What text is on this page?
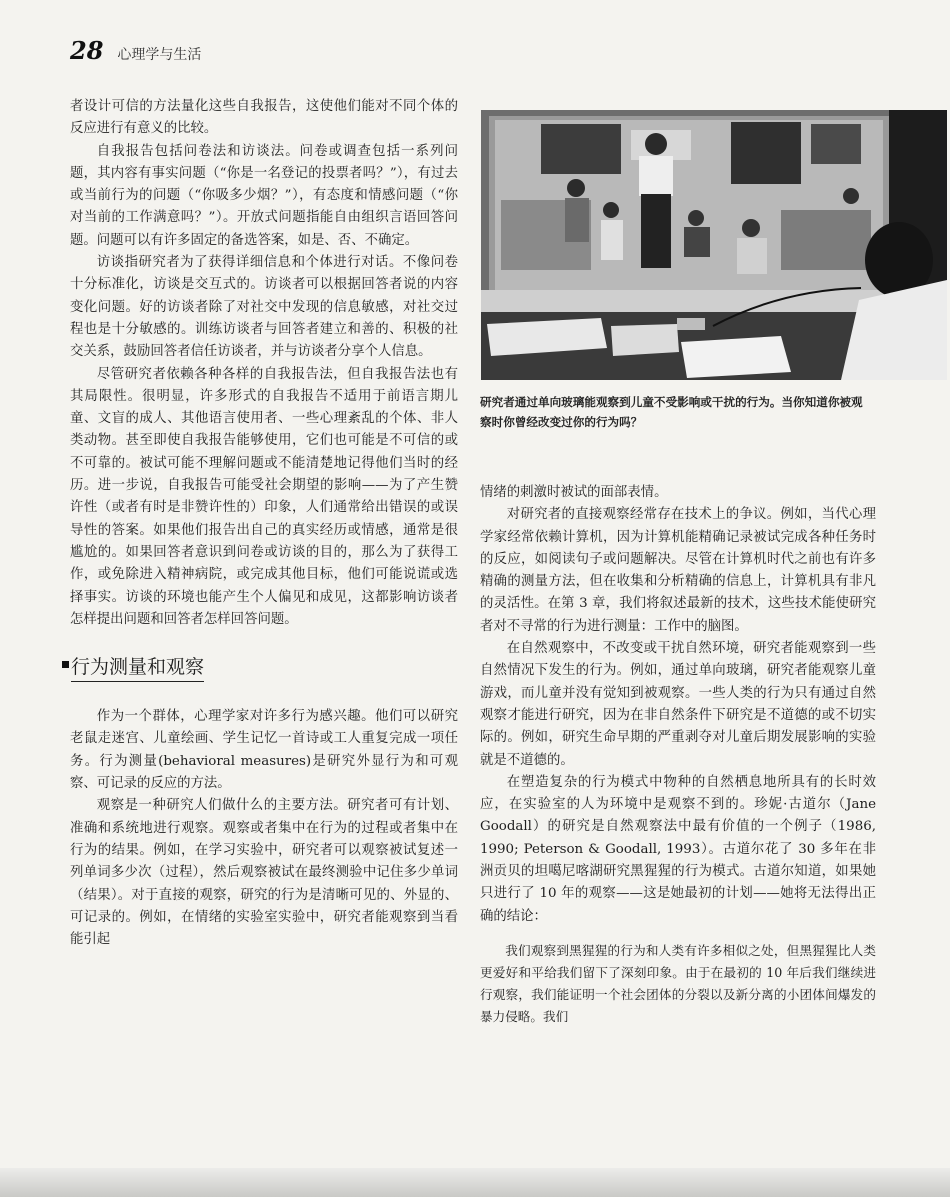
28 心理学与生活

者设计可信的方法量化这些自我报告，这使他们能对不同个体的反应进行有意义的比较。

自我报告包括问卷法和访谈法。问卷或调查包括一系列问题，其内容有事实问题（“你是一名登记的投票者吗？”），有过去或当前行为的问题（“你吸多少烟？”），有态度和情感问题（“你对当前的工作满意吗？”）。开放式问题指能自由组织言语回答问题。问题可以有许多固定的备选答案，如是、否、不确定。

访谈指研究者为了获得详细信息和个体进行对话。不像问卷十分标准化，访谈是交互式的。访谈者可以根据回答者说的内容变化问题。好的访谈者除了对社交中发现的信息敏感，对社交过程也是十分敏感的。训练访谈者与回答者建立和善的、积极的社交关系，鼓励回答者信任访谈者，并与访谈者分享个人信息。

尽管研究者依赖各种各样的自我报告法，但自我报告法也有其局限性。很明显，许多形式的自我报告不适用于前语言期儿童、文盲的成人、其他语言使用者、一些心理紊乱的个体、非人类动物。甚至即使自我报告能够使用，它们也可能是不可信的或不可靠的。被试可能不理解问题或不能清楚地记得他们当时的经历。进一步说，自我报告可能受社会期望的影响——为了产生赞许性（或者有时是非赞许性的）印象，人们通常给出错误的或误导性的答案。如果他们报告出自己的真实经历或情感，通常是很尴尬的。如果回答者意识到问卷或访谈的目的，那么为了获得工作，或免除进入精神病院，或完成其他目标，他们可能说谎或选择事实。访谈的环境也能产生个人偏见和成见，这都影响访谈者怎样提出问题和回答者怎样回答问题。

行为测量和观察

作为一个群体，心理学家对许多行为感兴趣。他们可以研究老鼠走迷宫、儿童绘画、学生记忆一首诗或工人重复完成一项任务。行为测量(behavioral measures)是研究外显行为和可观察、可记录的反应的方法。

观察是一种研究人们做什么的主要方法。研究者可有计划、准确和系统地进行观察。观察或者集中在行为的过程或者集中在行为的结果。例如，在学习实验中，研究者可以观察被试复述一列单词多少次（过程），然后观察被试在最终测验中记住多少单词（结果）。对于直接的观察，研究的行为是清晰可见的、外显的、可记录的。例如，在情绪的实验室实验中，研究者能观察到当看能引起

研究者通过单向玻璃能观察到儿童不受影响或干扰的行为。当你知道你被观察时你曾经改变过你的行为吗？

情绪的刺激时被试的面部表情。

对研究者的直接观察经常存在技术上的争议。例如，当代心理学家经常依赖计算机，因为计算机能精确记录被试完成各种任务时的反应，如阅读句子或问题解决。尽管在计算机时代之前也有许多精确的测量方法，但在收集和分析精确的信息上，计算机具有非凡的灵活性。在第 3 章，我们将叙述最新的技术，这些技术能使研究者对不寻常的行为进行测量：工作中的脑图。

在自然观察中，不改变或干扰自然环境，研究者能观察到一些自然情况下发生的行为。例如，通过单向玻璃，研究者能观察儿童游戏，而儿童并没有觉知到被观察。一些人类的行为只有通过自然观察才能进行研究，因为在非自然条件下研究是不道德的或不切实际的。例如，研究生命早期的严重剥夺对儿童后期发展影响的实验就是不道德的。

在塑造复杂的行为模式中物种的自然栖息地所具有的长时效应，在实验室的人为环境中是观察不到的。珍妮·古道尔（Jane Goodall）的研究是自然观察法中最有价值的一个例子（1986, 1990; Peterson & Goodall, 1993）。古道尔花了 30 多年在非洲贡贝的坦噶尼喀湖研究黑猩猩的行为模式。古道尔知道，如果她只进行了 10 年的观察——这是她最初的计划——她将无法得出正确的结论：

我们观察到黑猩猩的行为和人类有许多相似之处，但黑猩猩比人类更爱好和平给我们留下了深刻印象。由于在最初的 10 年后我们继续进行观察，我们能证明一个社会团体的分裂以及新分离的小团体间爆发的暴力侵略。我们
